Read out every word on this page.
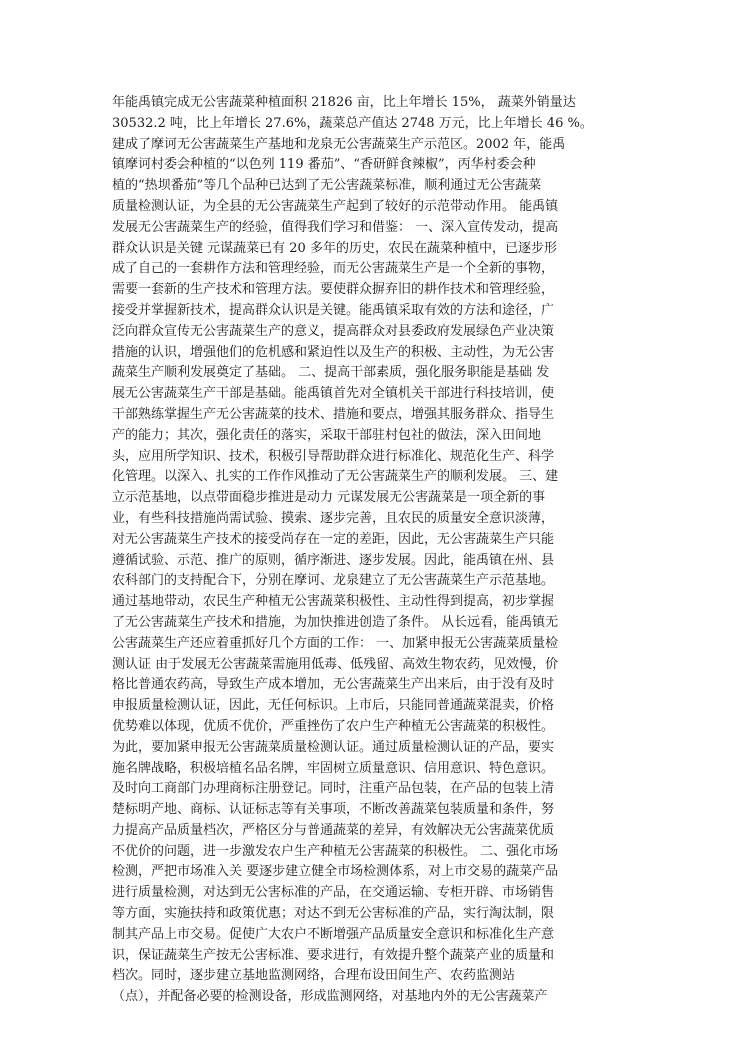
年能禹镇完成无公害蔬菜种植面积 21826 亩，比上年增长 15%， 蔬菜外销量达
30532.2 吨，比上年增长 27.6%，蔬菜总产值达 2748 万元，比上年增长 46 %。
建成了摩诃无公害蔬菜生产基地和龙泉无公害蔬菜生产示范区。2002 年，能禹
镇摩诃村委会种植的“以色列 119 番茄”、“香研鲜食辣椒”，丙华村委会种
植的“热坝番茄”等几个品种已达到了无公害蔬菜标准，顺利通过无公害蔬菜
质量检测认证，为全县的无公害蔬菜生产起到了较好的示范带动作用。 能禹镇
发展无公害蔬菜生产的经验，值得我们学习和借鉴： 一、深入宣传发动，提高
群众认识是关键 元谋蔬菜已有 20 多年的历史，农民在蔬菜种植中，已逐步形
成了自己的一套耕作方法和管理经验，而无公害蔬菜生产是一个全新的事物，
需要一套新的生产技术和管理方法。要使群众摒弃旧的耕作技术和管理经验，
接受并掌握新技术，提高群众认识是关键。能禹镇采取有效的方法和途径，广
泛向群众宣传无公害蔬菜生产的意义，提高群众对县委政府发展绿色产业决策
措施的认识，增强他们的危机感和紧迫性以及生产的积极、主动性，为无公害
蔬菜生产顺利发展奠定了基础。 二、提高干部素质，强化服务职能是基础 发
展无公害蔬菜生产干部是基础。能禹镇首先对全镇机关干部进行科技培训，使
干部熟练掌握生产无公害蔬菜的技术、措施和要点，增强其服务群众、指导生
产的能力；其次，强化责任的落实，采取干部驻村包社的做法，深入田间地
头，应用所学知识、技术，积极引导帮助群众进行标准化、规范化生产、科学
化管理。以深入、扎实的工作作风推动了无公害蔬菜生产的顺利发展。 三、建
立示范基地，以点带面稳步推进是动力 元谋发展无公害蔬菜是一项全新的事
业，有些科技措施尚需试验、摸索、逐步完善，且农民的质量安全意识淡薄，
对无公害蔬菜生产技术的接受尚存在一定的差距，因此，无公害蔬菜生产只能
遵循试验、示范、推广的原则，循序渐进、逐步发展。因此，能禹镇在州、县
农科部门的支持配合下，分别在摩诃、龙泉建立了无公害蔬菜生产示范基地。
通过基地带动，农民生产种植无公害蔬菜积极性、主动性得到提高，初步掌握
了无公害蔬菜生产技术和措施，为加快推进创造了条件。 从长远看，能禹镇无
公害蔬菜生产还应着重抓好几个方面的工作： 一、加紧申报无公害蔬菜质量检
测认证 由于发展无公害蔬菜需施用低毒、低残留、高效生物农药，见效慢，价
格比普通农药高，导致生产成本增加，无公害蔬菜生产出来后，由于没有及时
申报质量检测认证，因此，无任何标识。上市后，只能同普通蔬菜混卖，价格
优势难以体现，优质不优价，严重挫伤了农户生产种植无公害蔬菜的积极性。
为此，要加紧申报无公害蔬菜质量检测认证。通过质量检测认证的产品，要实
施名牌战略，积极培植名品名牌，牢固树立质量意识、信用意识、特色意识。
及时向工商部门办理商标注册登记。同时，注重产品包装，在产品的包装上清
楚标明产地、商标、认证标志等有关事项，不断改善蔬菜包装质量和条件，努
力提高产品质量档次，严格区分与普通蔬菜的差异，有效解决无公害蔬菜优质
不优价的问题，进一步激发农户生产种植无公害蔬菜的积极性。 二、强化市场
检测，严把市场准入关 要逐步建立健全市场检测体系，对上市交易的蔬菜产品
进行质量检测，对达到无公害标准的产品，在交通运输、专柜开辟、市场销售
等方面，实施扶持和政策优惠；对达不到无公害标准的产品，实行淘汰制，限
制其产品上市交易。促使广大农户不断增强产品质量安全意识和标准化生产意
识，保证蔬菜生产按无公害标准、要求进行，有效提升整个蔬菜产业的质量和
档次。同时，逐步建立基地监测网络，合理布设田间生产、农药监测站
（点），并配备必要的检测设备，形成监测网络，对基地内外的无公害蔬菜产
